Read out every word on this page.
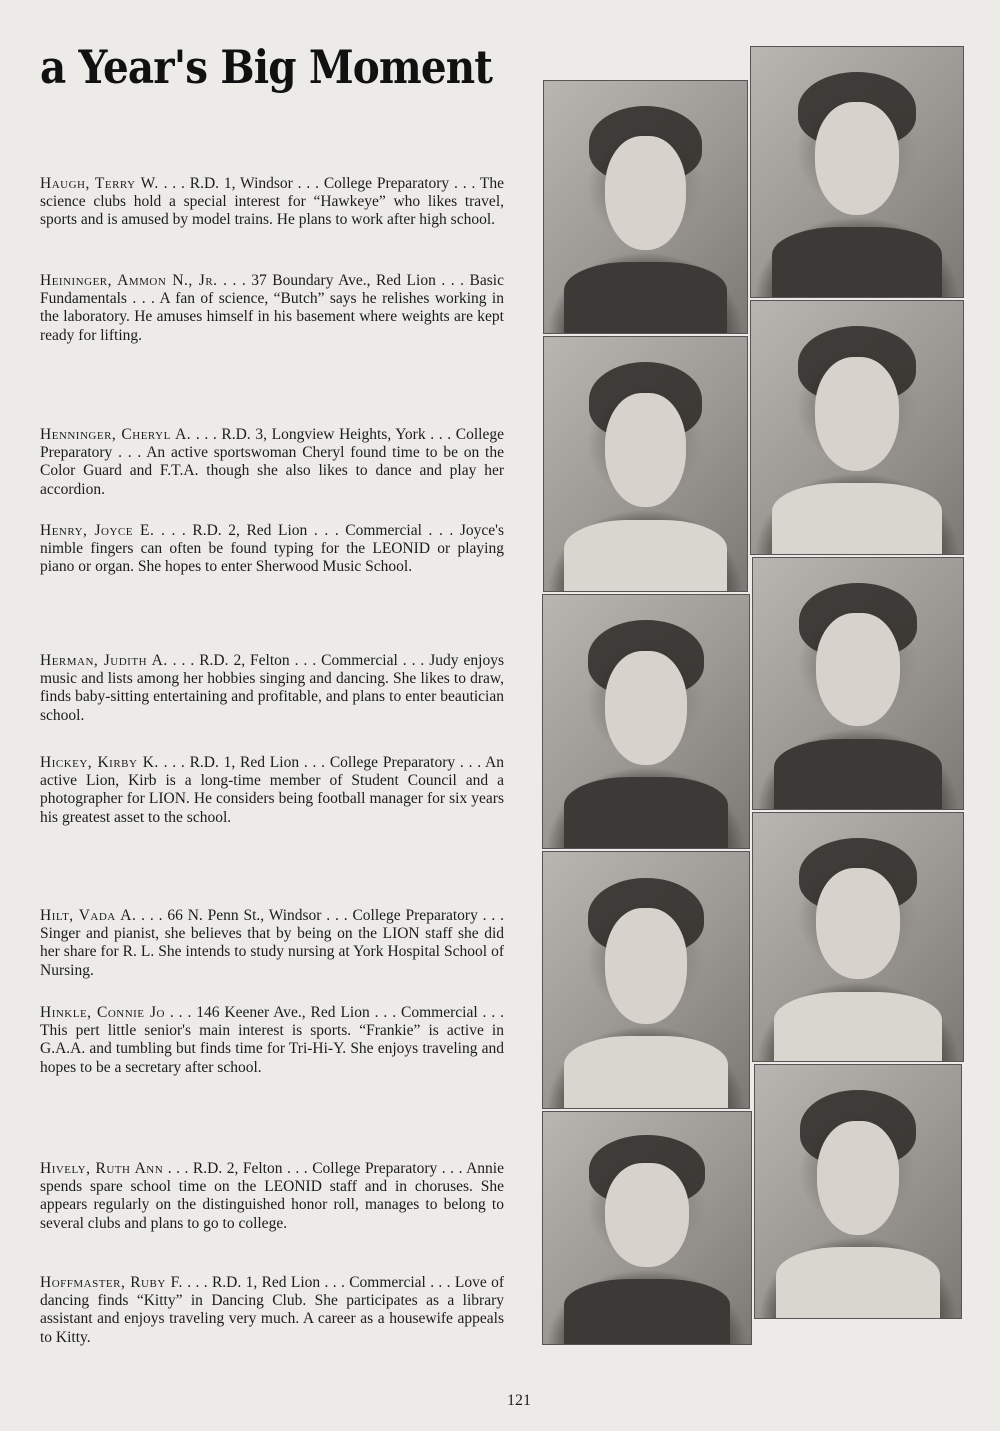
a Year's Big Moment

Haugh, Terry W. . . . R.D. 1, Windsor . . . College Preparatory . . . The science clubs hold a special interest for “Hawkeye” who likes travel, sports and is amused by model trains. He plans to work after high school.

Heininger, Ammon N., Jr. . . . 37 Boundary Ave., Red Lion . . . Basic Fundamentals . . . A fan of science, “Butch” says he relishes working in the laboratory. He amuses himself in his basement where weights are kept ready for lifting.

Henninger, Cheryl A. . . . R.D. 3, Longview Heights, York . . . College Preparatory . . . An active sportswoman Cheryl found time to be on the Color Guard and F.T.A. though she also likes to dance and play her accordion.

Henry, Joyce E. . . . R.D. 2, Red Lion . . . Commercial . . . Joyce's nimble fingers can often be found typing for the LEONID or playing piano or organ. She hopes to enter Sherwood Music School.

Herman, Judith A. . . . R.D. 2, Felton . . . Commercial . . . Judy enjoys music and lists among her hobbies singing and dancing. She likes to draw, finds baby-sitting entertaining and profitable, and plans to enter beautician school.

Hickey, Kirby K. . . . R.D. 1, Red Lion . . . College Preparatory . . . An active Lion, Kirb is a long-time member of Student Council and a photographer for LION. He considers being football manager for six years his greatest asset to the school.

Hilt, Vada A. . . . 66 N. Penn St., Windsor . . . College Preparatory . . . Singer and pianist, she believes that by being on the LION staff she did her share for R. L. She intends to study nursing at York Hospital School of Nursing.

Hinkle, Connie Jo . . . 146 Keener Ave., Red Lion . . . Commercial . . . This pert little senior's main interest is sports. “Frankie” is active in G.A.A. and tumbling but finds time for Tri-Hi-Y. She enjoys traveling and hopes to be a secretary after school.

Hively, Ruth Ann . . . R.D. 2, Felton . . . College Preparatory . . . Annie spends spare school time on the LEONID staff and in choruses. She appears regularly on the distinguished honor roll, manages to belong to several clubs and plans to go to college.

Hoffmaster, Ruby F. . . . R.D. 1, Red Lion . . . Commercial . . . Love of dancing finds “Kitty” in Dancing Club. She participates as a library assistant and enjoys traveling very much. A career as a housewife appeals to Kitty.

121
